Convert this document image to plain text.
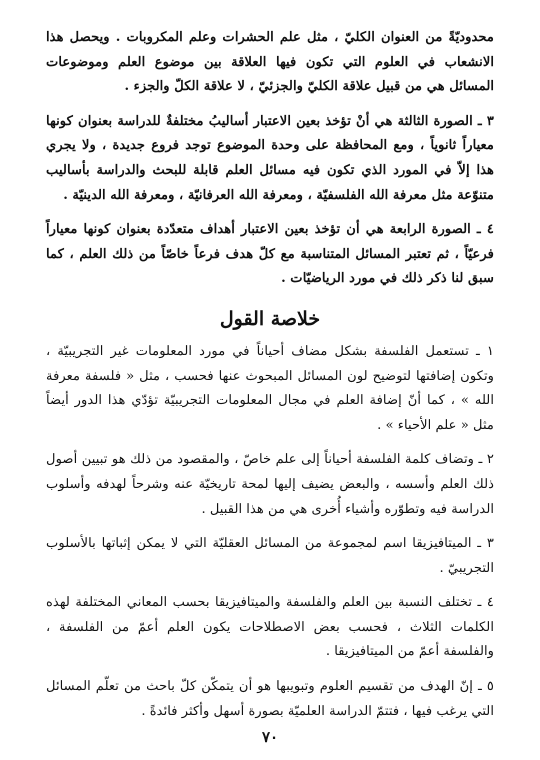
محدوديّةً من العنوان الكليّ ، مثل علم الحشرات وعلم المكروبات . ويحصل هذا الانشعاب في العلوم التي تكون فيها العلاقة بين موضوع العلم وموضوعات المسائل هي من قبيل علاقة الكليّ والجزئيّ ، لا علاقة الكلّ والجزء .

٣ ـ الصورة الثالثة هي أنْ تؤخذ بعين الاعتبار أساليبُ مختلفةٌ للدراسة بعنوان كونها معياراً ثانوياً ، ومع المحافظة على وحدة الموضوع توجد فروع جديدة ، ولا يجري هذا إلاّ في المورد الذي تكون فيه مسائل العلم قابلة للبحث والدراسة بأساليب متنوّعة مثل معرفة الله الفلسفيّة ، ومعرفة الله العرفانيّة ، ومعرفة الله الدينيّة .

٤ ـ الصورة الرابعة هي أن تؤخذ بعين الاعتبار أهداف متعدّدة بعنوان كونها معياراً فرعيّاً ، ثم تعتبر المسائل المتناسبة مع كلّ هدف فرعاً خاصّاً من ذلك العلم ، كما سبق لنا ذكر ذلك في مورد الرياضيّات .

خلاصة القول

١ ـ تستعمل الفلسفة بشكل مضاف أحياناً في مورد المعلومات غير التجريبيّة ، وتكون إضافتها لتوضيح لون المسائل المبحوث عنها فحسب ، مثل « فلسفة معرفة الله » ، كما أنّ إضافة العلم في مجال المعلومات التجريبيّة تؤدّي هذا الدور أيضاً مثل « علم الأحياء » .

٢ ـ وتضاف كلمة الفلسفة أحياناً إلى علم خاصّ ، والمقصود من ذلك هو تبيين أصول ذلك العلم وأسسه ، والبعض يضيف إليها لمحة تاريخيّة عنه وشرحاً لهدفه وأسلوب الدراسة فيه وتطوّره وأشياء أُخرى هي من هذا القبيل .

٣ ـ الميتافيزيقا اسم لمجموعة من المسائل العقليّة التي لا يمكن إثباتها بالأسلوب التجريبيّ .

٤ ـ تختلف النسبة بين العلم والفلسفة والميتافيزيقا بحسب المعاني المختلفة لهذه الكلمات الثلاث ، فحسب بعض الاصطلاحات يكون العلم أعمّ من الفلسفة ، والفلسفة أعمّ من الميتافيزيقا .

٥ ـ إنّ الهدف من تقسيم العلوم وتبويبها هو أن يتمكّن كلّ باحث من تعلّم المسائل التي يرغب فيها ، فتتمّ الدراسة العلميّة بصورة أسهل وأكثر فائدةً .

٧٠
